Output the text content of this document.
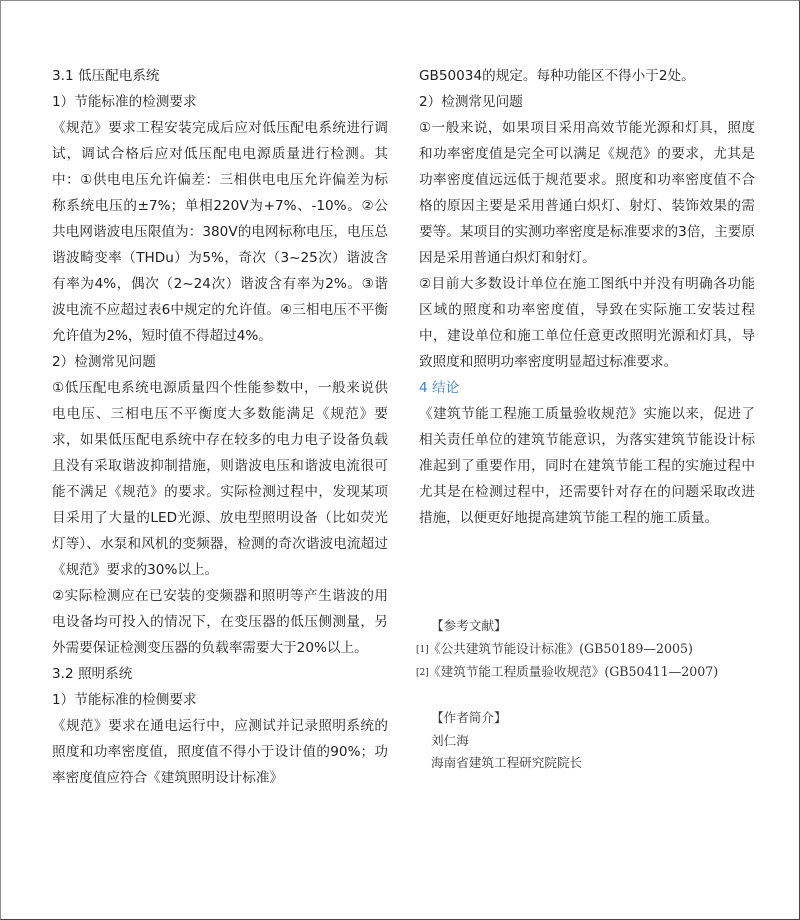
3.1 低压配电系统

1）节能标准的检测要求

《规范》要求工程安装完成后应对低压配电系统进行调试，调试合格后应对低压配电电源质量进行检测。其中：①供电电压允许偏差：三相供电电压允许偏差为标称系统电压的±7%；单相220V为+7%、-10%。②公共电网谐波电压限值为：380V的电网标称电压，电压总谐波畸变率（THDu）为5%，奇次（3~25次）谐波含有率为4%，偶次（2~24次）谐波含有率为2%。③谐波电流不应超过表6中规定的允许值。④三相电压不平衡允许值为2%，短时值不得超过4%。

2）检测常见问题

①低压配电系统电源质量四个性能参数中，一般来说供电电压、三相电压不平衡度大多数能满足《规范》要求，如果低压配电系统中存在较多的电力电子设备负载且没有采取谐波抑制措施，则谐波电压和谐波电流很可能不满足《规范》的要求。实际检测过程中，发现某项目采用了大量的LED光源、放电型照明设备（比如荧光灯等）、水泵和风机的变频器，检测的奇次谐波电流超过《规范》要求的30%以上。

②实际检测应在已安装的变频器和照明等产生谐波的用电设备均可投入的情况下，在变压器的低压侧测量，另外需要保证检测变压器的负载率需要大于20%以上。

3.2 照明系统

1）节能标准的检侧要求

《规范》要求在通电运行中，应测试并记录照明系统的照度和功率密度值，照度值不得小于设计值的90%；功率密度值应符合《建筑照明设计标准》

GB50034的规定。每种功能区不得小于2处。

2）检测常见问题

①一般来说，如果项目采用高效节能光源和灯具，照度和功率密度值是完全可以满足《规范》的要求，尤其是功率密度值远远低于规范要求。照度和功率密度值不合格的原因主要是采用普通白炽灯、射灯、装饰效果的需要等。某项目的实测功率密度是标准要求的3倍，主要原因是采用普通白炽灯和射灯。

②目前大多数设计单位在施工图纸中并没有明确各功能区域的照度和功率密度值，导致在实际施工安装过程中，建设单位和施工单位任意更改照明光源和灯具，导致照度和照明功率密度明显超过标准要求。

4 结论

《建筑节能工程施工质量验收规范》实施以来，促进了相关责任单位的建筑节能意识，为落实建筑节能设计标准起到了重要作用，同时在建筑节能工程的实施过程中尤其是在检测过程中，还需要针对存在的问题采取改进措施，以便更好地提高建筑节能工程的施工质量。

【参考文献】

[1]《公共建筑节能设计标准》(GB50189—2005)

[2]《建筑节能工程质量验收规范》(GB50411—2007)

【作者简介】

刘仁海

海南省建筑工程研究院院长
